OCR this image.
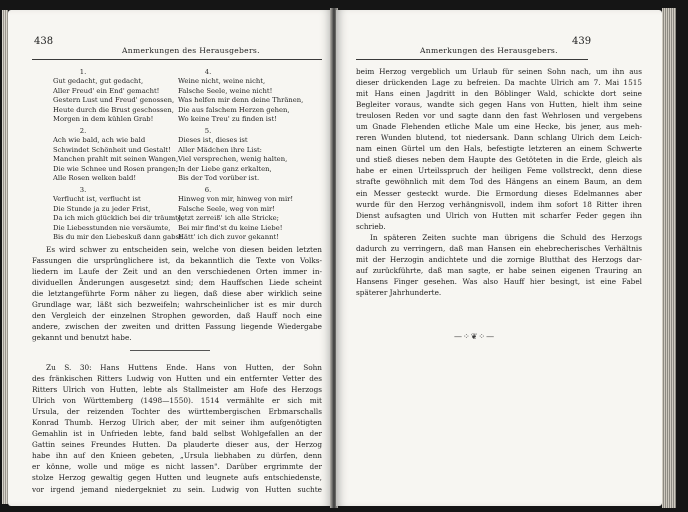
438
Anmerkungen des Herausgebers.
1.
Gut gedacht, gut gedacht,
Aller Freud' ein End' gemacht!
Gestern Lust und Freud' genossen,
Heute durch die Brust geschossen,
Morgen in dem kühlen Grab!
2.
Ach wie bald, ach wie bald
Schwindet Schönheit und Gestalt!
Manchen prahlt mit seinen Wangen,
Die wie Schnee und Rosen prangen;
Alle Rosen welken bald!
3.
Verflucht ist, verflucht ist
Die Stunde ja zu jeder Frist,
Da ich mich glücklich bei dir träumte,
Die Liebesstunden nie versäumte,
Bis du mir den Liebeskuß dann gabst.
4.
Weine nicht, weine nicht,
Falsche Seele, weine nicht!
Was helfen mir denn deine Thränen,
Die aus falschem Herzen gehen,
Wo keine Treu' zu finden ist!
5.
Dieses ist, dieses ist
Aller Mädchen ihre List:
Viel versprechen, wenig halten,
In der Liebe ganz erkalten,
Bis der Tod vorüber ist.
6.
Hinweg von mir, hinweg von mir!
Falsche Seele, weg von mir!
Jetzt zerreiß' ich alle Stricke;
Bei mir find'st du keine Liebe!
Hätt' ich dich zuvor gekannt!
Es wird schwer zu entscheiden sein, welche von diesen beiden letzten
Fassungen die ursprünglichere ist, da bekanntlich die Texte von Volks-
liedern im Laufe der Zeit und an den verschiedenen Orten immer in-
dividuellen Änderungen ausgesetzt sind; dem Hauffschen Liede scheint
die letztangeführte Form näher zu liegen, daß diese aber wirklich seine
Grundlage war, läßt sich bezweifeln; wahrscheinlicher ist es mir durch
den Vergleich der einzelnen Strophen geworden, daß Hauff noch eine
andere, zwischen der zweiten und dritten Fassung liegende Wiedergabe
gekannt und benutzt habe.
Zu S. 30: Hans Huttens Ende. Hans von Hutten, der Sohn
des fränkischen Ritters Ludwig von Hutten und ein entfernter Vetter des
Ritters Ulrich von Hutten, lebte als Stallmeister am Hofe des Herzogs
Ulrich von Württemberg (1498—1550). 1514 vermählte er sich mit
Ursula, der reizenden Tochter des württembergischen Erbmarschalls
Konrad Thumb. Herzog Ulrich aber, der mit seiner ihm aufgenötigten
Gemahlin ist in Unfrieden lebte, fand bald selbst Wohlgefallen an der
Gattin seines Freundes Hutten. Da plauderte dieser aus, der Herzog
habe ihn auf den Knieen gebeten, „Ursula liebhaben zu dürfen, denn
er könne, wolle und möge es nicht lassen". Darüber ergrimmte der
stolze Herzog gewaltig gegen Hutten und leugnete aufs entschiedenste,
vor irgend jemand niedergekniet zu sein. Ludwig von Hutten suchte
439
Anmerkungen des Herausgebers.
beim Herzog vergeblich um Urlaub für seinen Sohn nach, um ihn aus
dieser drückenden Lage zu befreien. Da machte Ulrich am 7. Mai 1515
mit Hans einen Jagdritt in den Böblinger Wald, schickte dort seine
Begleiter voraus, wandte sich gegen Hans von Hutten, hielt ihm seine
treulosen Reden vor und sagte dann den fast Wehrlosen und vergebens
um Gnade Flehenden etliche Male um eine Hecke, bis jener, aus meh-
reren Wunden blutend, tot niedersank. Dann schlang Ulrich dem Leich-
nam einen Gürtel um den Hals, befestigte letzteren an einem Schwerte
und stieß dieses neben dem Haupte des Getöteten in die Erde, gleich als
habe er einen Urteilsspruch der heiligen Feme vollstreckt, denn diese
strafte gewöhnlich mit dem Tod des Hängens an einem Baum, an dem
ein Messer gesteckt wurde. Die Ermordung dieses Edelmannes aber
wurde für den Herzog verhängnisvoll, indem ihm sofort 18 Ritter ihren
Dienst aufsagten und Ulrich von Hutten mit scharfer Feder gegen ihn
schrieb.
In späteren Zeiten suchte man übrigens die Schuld des Herzogs
dadurch zu verringern, daß man Hansen ein ehebrecherisches Verhältnis
mit der Herzogin andichtete und die zornige Blutthat des Herzogs dar-
auf zurückführte, daß man sagte, er habe seinen eigenen Trauring an
Hansens Finger gesehen. Was also Hauff hier besingt, ist eine Fabel
späterer Jahrhunderte.
—⁘❦⁘—
